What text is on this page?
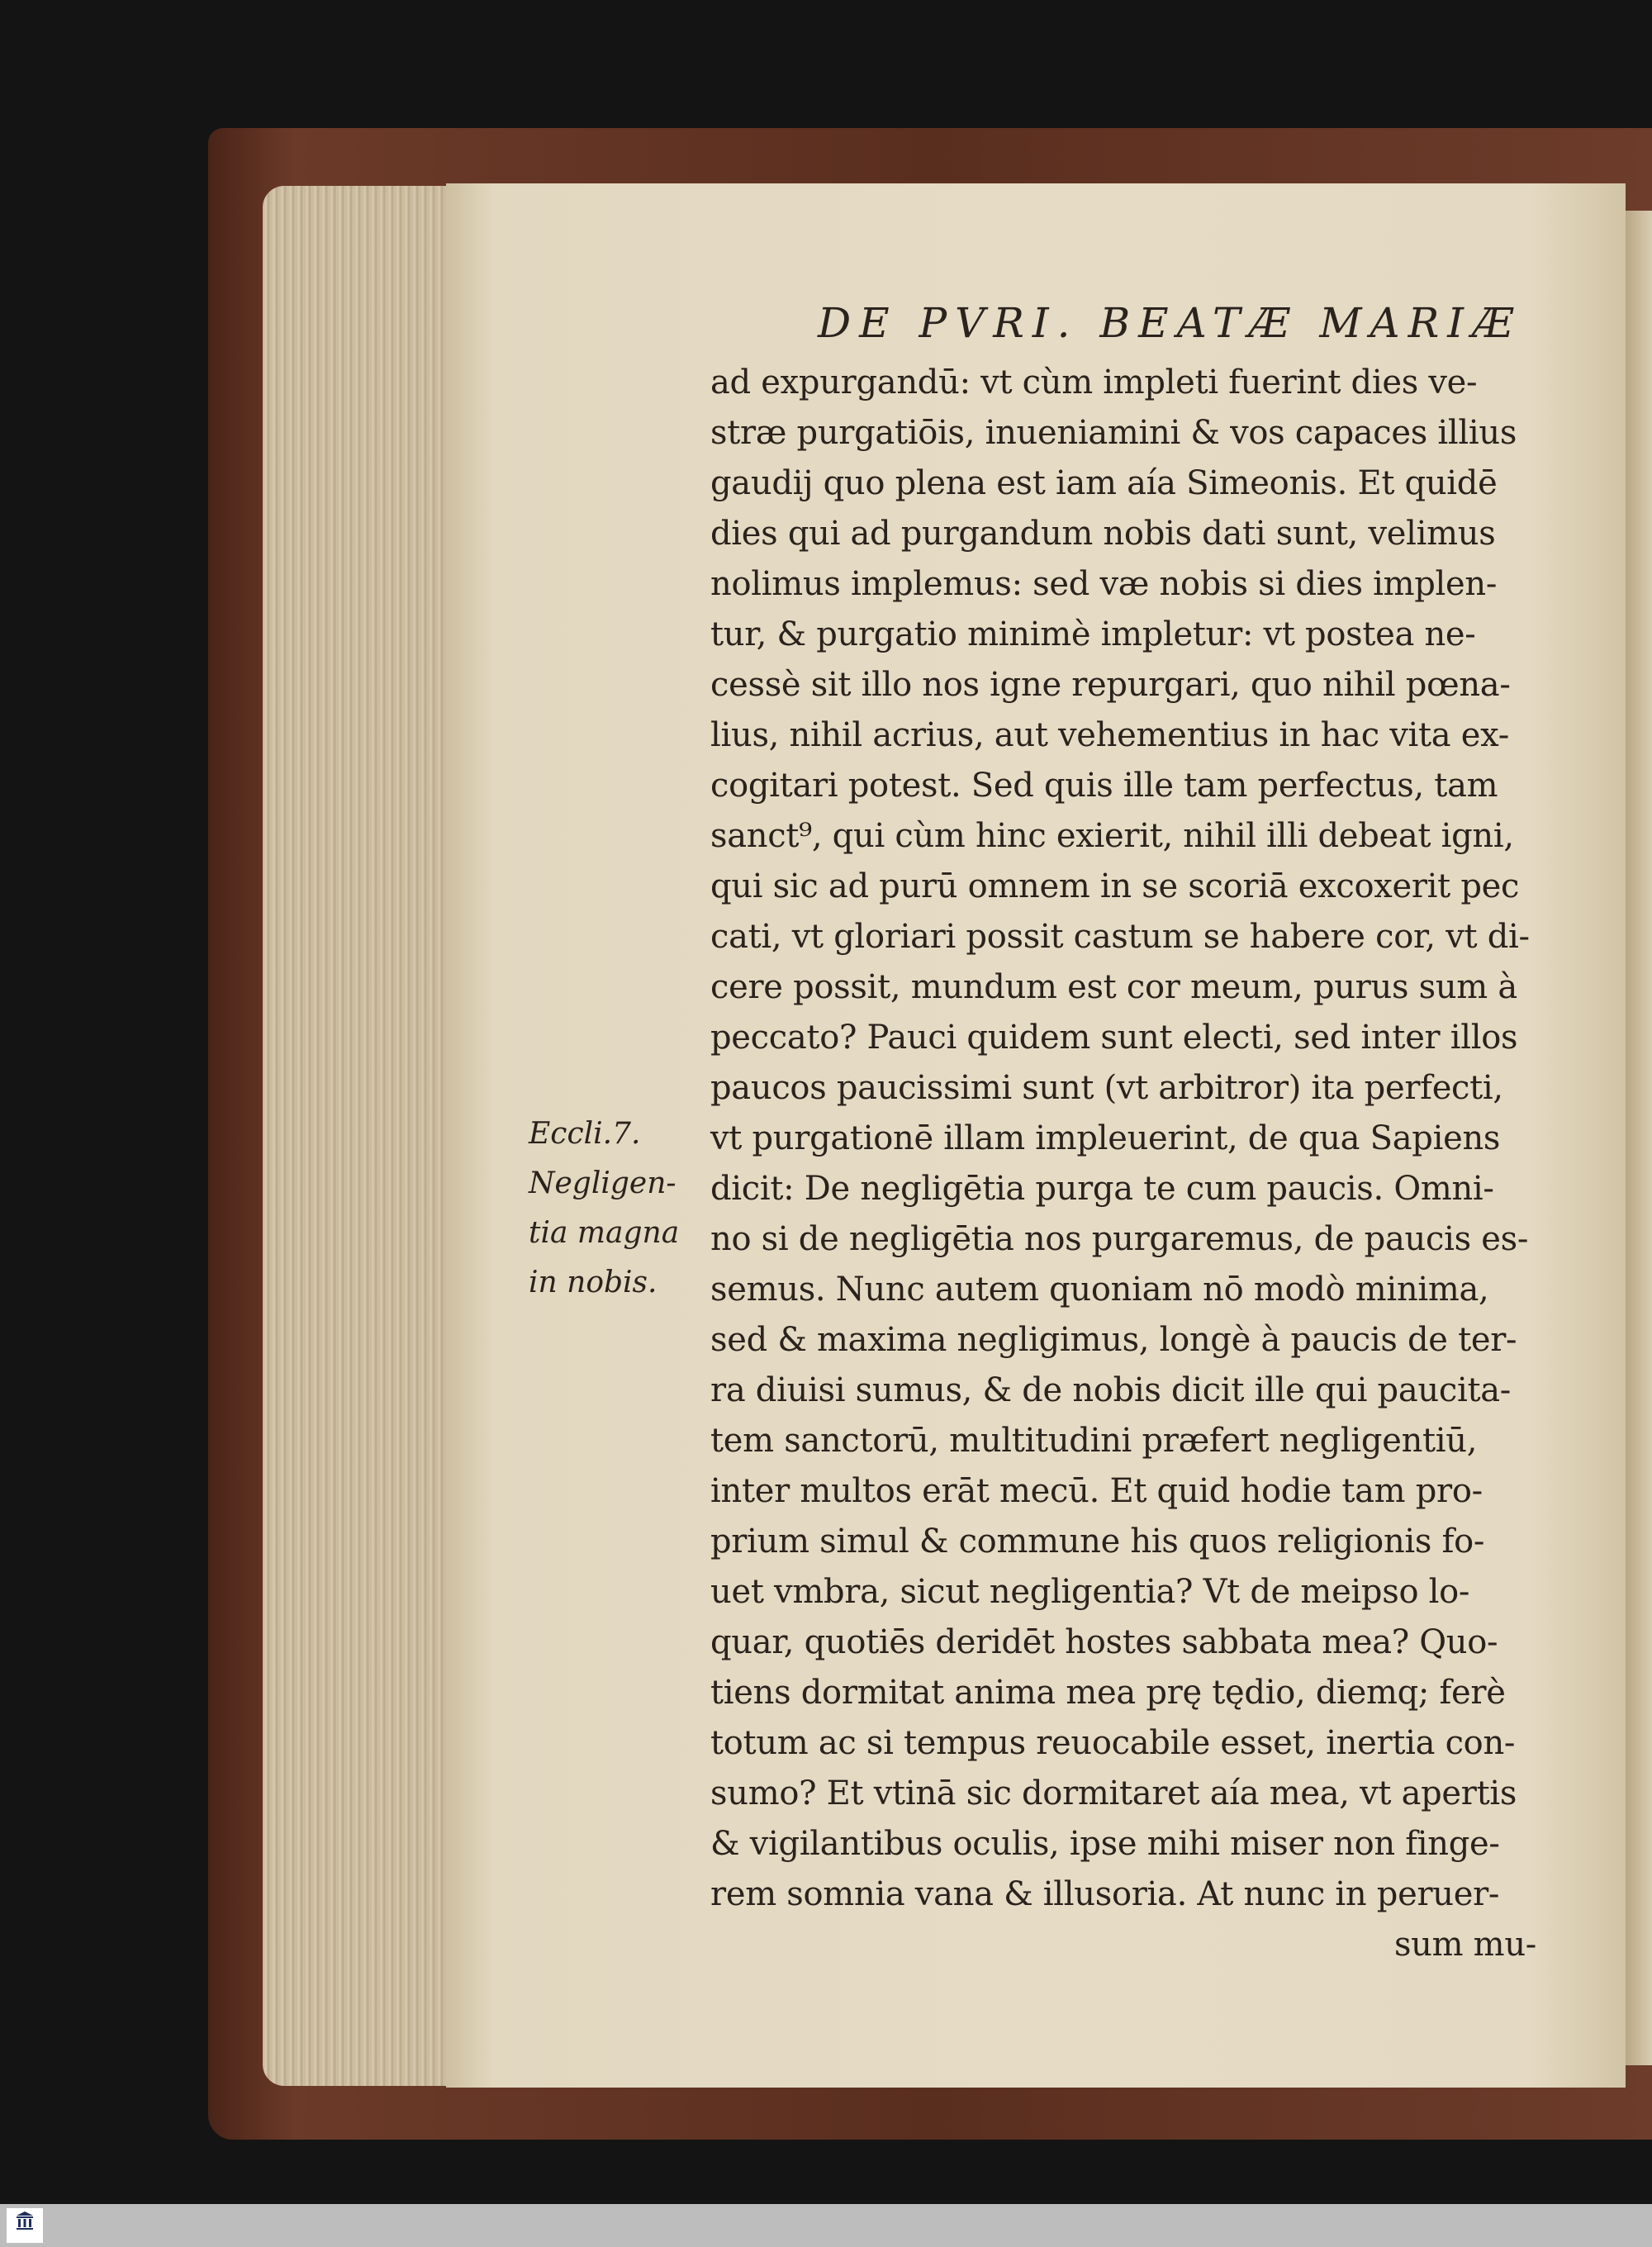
DE PVRI. BEATÆ MARIÆ
ad expurgandū: vt cùm impleti fuerint dies ve-
stræ purgatiōis, inueniamini & vos capaces illius
gaudij quo plena est iam aía Simeonis. Et quidē
dies qui ad purgandum nobis dati sunt, velimus
nolimus implemus: sed væ nobis si dies implen-
tur, & purgatio minimè impletur: vt postea ne-
cessè sit illo nos igne repurgari, quo nihil pœna-
lius, nihil acrius, aut vehementius in hac vita ex-
cogitari potest. Sed quis ille tam perfectus, tam
sanct⁹, qui cùm hinc exierit, nihil illi debeat igni,
qui sic ad purū omnem in se scoriā excoxerit pec
cati, vt gloriari possit castum se habere cor, vt di-
cere possit, mundum est cor meum, purus sum à
peccato? Pauci quidem sunt electi, sed inter illos
paucos paucissimi sunt (vt arbitror) ita perfecti,
vt purgationē illam impleuerint, de qua Sapiens
dicit: De negligētia purga te cum paucis. Omni-
no si de negligētia nos purgaremus, de paucis es-
semus. Nunc autem quoniam nō modò minima,
sed & maxima negligimus, longè à paucis de ter-
ra diuisi sumus, & de nobis dicit ille qui paucita-
tem sanctorū, multitudini præfert negligentiū,
inter multos erāt mecū. Et quid hodie tam pro-
prium simul & commune his quos religionis fo-
uet vmbra, sicut negligentia? Vt de meipso lo-
quar, quotiēs deridēt hostes sabbata mea? Quo-
tiens dormitat anima mea prę tędio, diemq; ferè
totum ac si tempus reuocabile esset, inertia con-
sumo? Et vtinā sic dormitaret aía mea, vt apertis
& vigilantibus oculis, ipse mihi miser non finge-
rem somnia vana & illusoria. At nunc in peruer-
sum mu-
Eccli.7.
Negligen-
tia magna
in nobis.
